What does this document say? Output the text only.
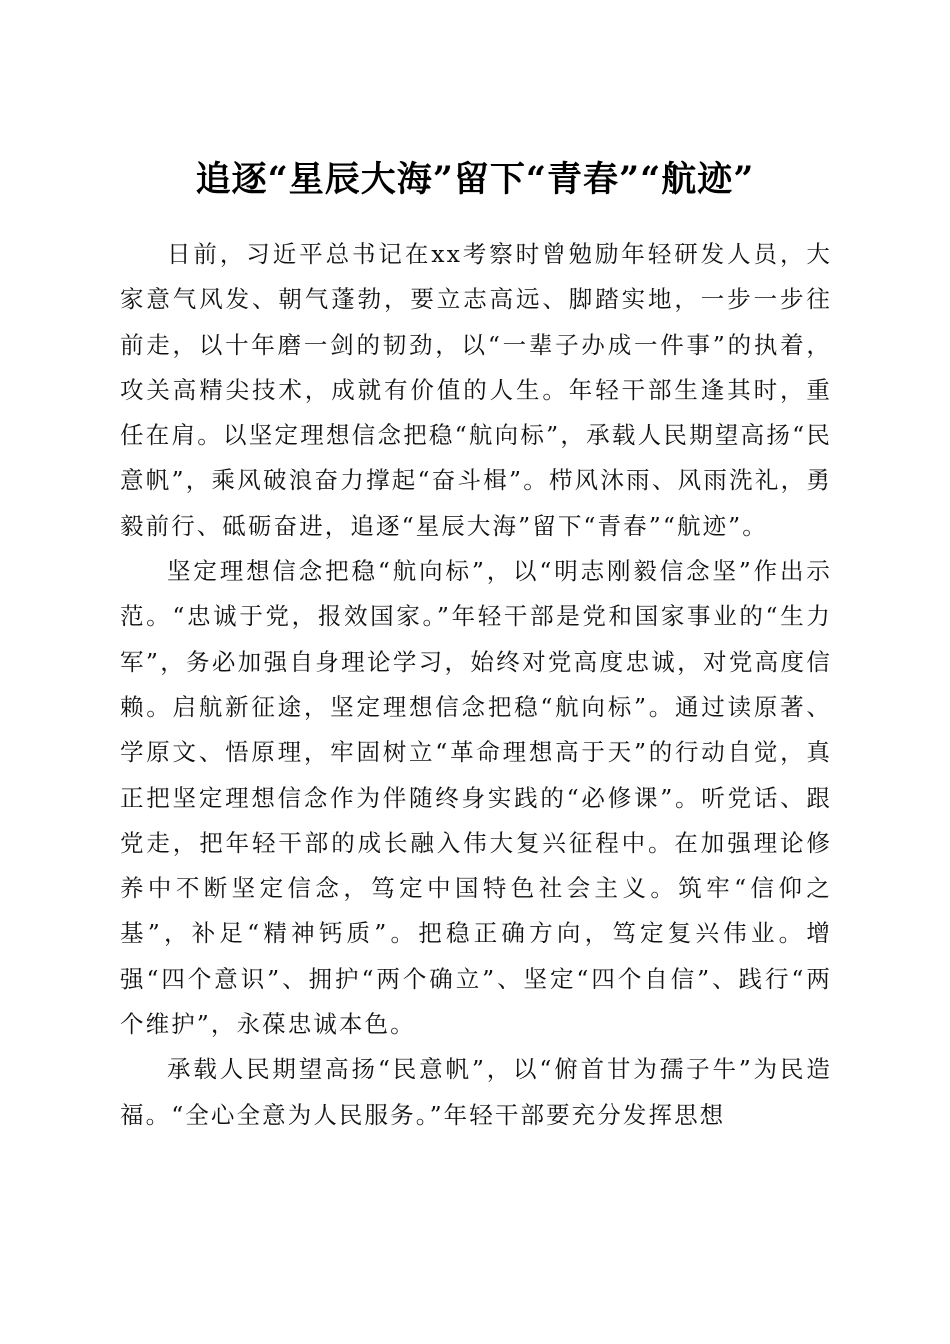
追逐“星辰大海”留下“青春”“航迹”

日前，习近平总书记在xx考察时曾勉励年轻研发人员，大家意气风发、朝气蓬勃，要立志高远、脚踏实地，一步一步往前走，以十年磨一剑的韧劲，以“一辈子办成一件事”的执着，攻关高精尖技术，成就有价值的人生。年轻干部生逢其时，重任在肩。以坚定理想信念把稳“航向标”，承载人民期望高扬“民意帆”，乘风破浪奋力撑起“奋斗楫”。栉风沐雨、风雨洗礼，勇毅前行、砥砺奋进，追逐“星辰大海”留下“青春”“航迹”。

坚定理想信念把稳“航向标”，以“明志刚毅信念坚”作出示范。“忠诚于党，报效国家。”年轻干部是党和国家事业的“生力军”，务必加强自身理论学习，始终对党高度忠诚，对党高度信赖。启航新征途，坚定理想信念把稳“航向标”。通过读原著、学原文、悟原理，牢固树立“革命理想高于天”的行动自觉，真正把坚定理想信念作为伴随终身实践的“必修课”。听党话、跟党走，把年轻干部的成长融入伟大复兴征程中。在加强理论修养中不断坚定信念，笃定中国特色社会主义。筑牢“信仰之基”，补足“精神钙质”。把稳正确方向，笃定复兴伟业。增强“四个意识”、拥护“两个确立”、坚定“四个自信”、践行“两个维护”，永葆忠诚本色。

承载人民期望高扬“民意帆”，以“俯首甘为孺子牛”为民造福。“全心全意为人民服务。”年轻干部要充分发挥思想
